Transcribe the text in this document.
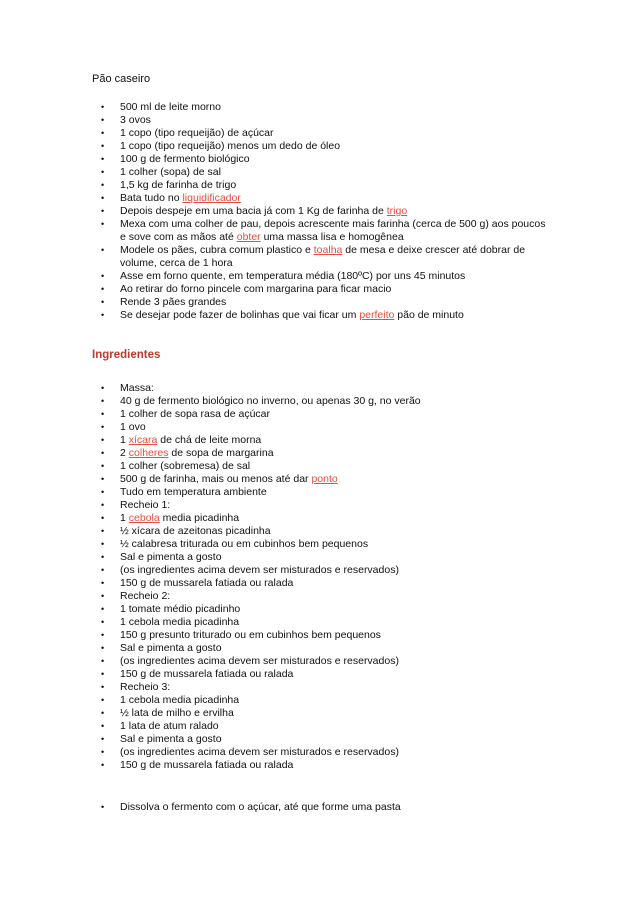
Pão caseiro
• 500 ml de leite morno
• 3 ovos
• 1 copo (tipo requeijão) de açúcar
• 1 copo (tipo requeijão) menos um dedo de óleo
• 100 g de fermento biológico
• 1 colher (sopa) de sal
• 1,5 kg de farinha de trigo
• Bata tudo no liquidificador
• Depois despeje em uma bacia já com 1 Kg de farinha de trigo
• Mexa com uma colher de pau, depois acrescente mais farinha (cerca de 500 g) aos poucos e sove com as mãos até obter uma massa lisa e homogênea
• Modele os pães, cubra comum plastico e toalha de mesa e deixe crescer até dobrar de volume, cerca de 1 hora
• Asse em forno quente, em temperatura média (180ºC) por uns 45 minutos
• Ao retirar do forno pincele com margarina para ficar macio
• Rende 3 pães grandes
• Se desejar pode fazer de bolinhas que vai ficar um perfeito pão de minuto
Ingredientes
• Massa:
• 40 g de fermento biológico no inverno, ou apenas 30 g, no verão
• 1 colher de sopa rasa de açúcar
• 1 ovo
• 1 xícara de chá de leite morna
• 2 colheres de sopa de margarina
• 1 colher (sobremesa) de sal
• 500 g de farinha, mais ou menos até dar ponto
• Tudo em temperatura ambiente
• Recheio 1:
• 1 cebola media picadinha
• ½ xícara de azeitonas picadinha
• ½ calabresa triturada ou em cubinhos bem pequenos
• Sal e pimenta a gosto
• (os ingredientes acima devem ser misturados e reservados)
• 150 g de mussarela fatiada ou ralada
• Recheio 2:
• 1 tomate médio picadinho
• 1 cebola media picadinha
• 150 g presunto triturado ou em cubinhos bem pequenos
• Sal e pimenta a gosto
• (os ingredientes acima devem ser misturados e reservados)
• 150 g de mussarela fatiada ou ralada
• Recheio 3:
• 1 cebola media picadinha
• ½ lata de milho e ervilha
• 1 lata de atum ralado
• Sal e pimenta a gosto
• (os ingredientes acima devem ser misturados e reservados)
• 150 g de mussarela fatiada ou ralada
• Dissolva o fermento com o açúcar, até que forme uma pasta
